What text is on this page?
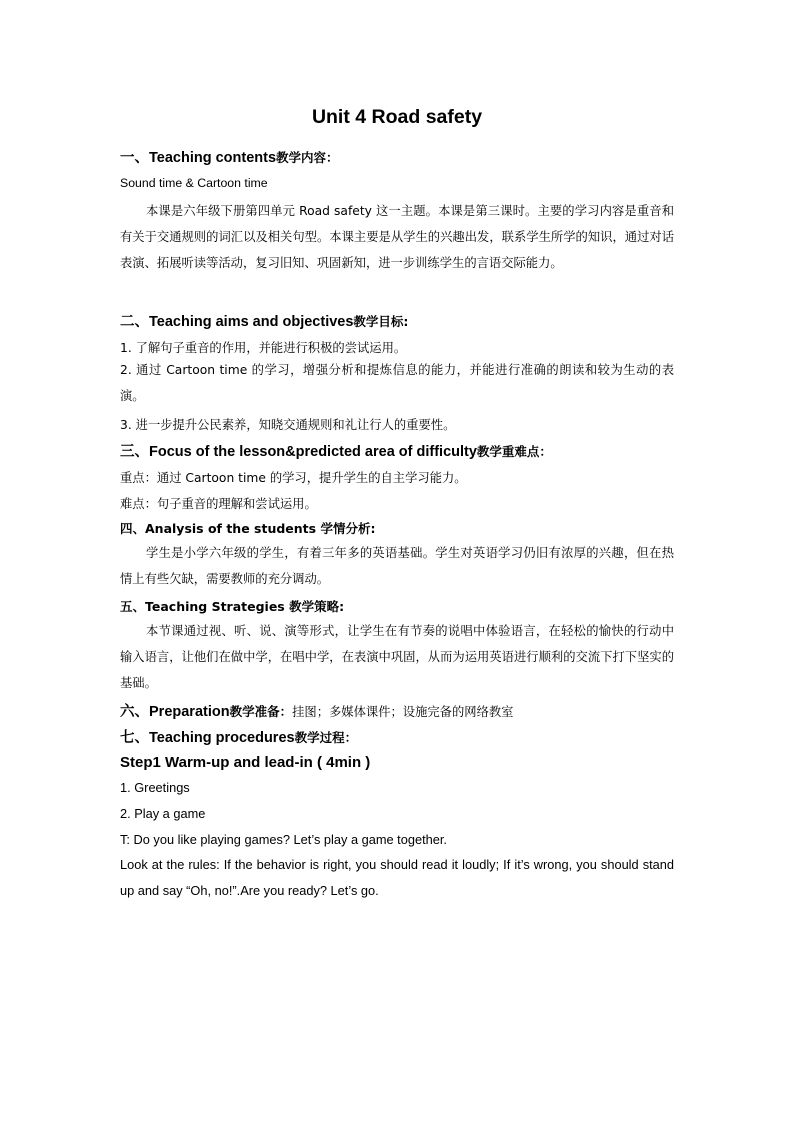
Unit 4 Road safety
一、Teaching contents教学内容：
Sound time & Cartoon time

本课是六年级下册第四单元 Road safety 这一主题。本课是第三课时。主要的学习内容是重音和有关于交通规则的词汇以及相关句型。本课主要是从学生的兴趣出发，联系学生所学的知识，通过对话表演、拓展听读等活动，复习旧知、巩固新知，进一步训练学生的言语交际能力。

二、Teaching aims and objectives教学目标:
1. 了解句子重音的作用，并能进行积极的尝试运用。

2. 通过 Cartoon time 的学习，增强分析和提炼信息的能力，并能进行准确的朗读和较为生动的表演。

3. 进一步提升公民素养，知晓交通规则和礼让行人的重要性。
三、Focus of the lesson&predicted area of difficulty教学重难点：
重点：通过 Cartoon time 的学习，提升学生的自主学习能力。
难点：句子重音的理解和尝试运用。
四、Analysis of the students 学情分析:

学生是小学六年级的学生，有着三年多的英语基础。学生对英语学习仍旧有浓厚的兴趣，但在热情上有些欠缺，需要教师的充分调动。

五、Teaching Strategies 教学策略:

本节课通过视、听、说、演等形式，让学生在有节奏的说唱中体验语言，在轻松的愉快的行动中输入语言，让他们在做中学，在唱中学，在表演中巩固，从而为运用英语进行顺利的交流下打下坚实的基础。

六、Preparation教学准备：挂图；多媒体课件；设施完备的网络教室
七、Teaching procedures教学过程：
Step1 Warm-up and lead-in ( 4min )
1. Greetings
2. Play a game
T: Do you like playing games? Let’s play a game together.

Look at the rules: If the behavior is right, you should read it loudly; If it’s wrong, you should stand up and say “Oh, no!”.Are you ready? Let’s go.
